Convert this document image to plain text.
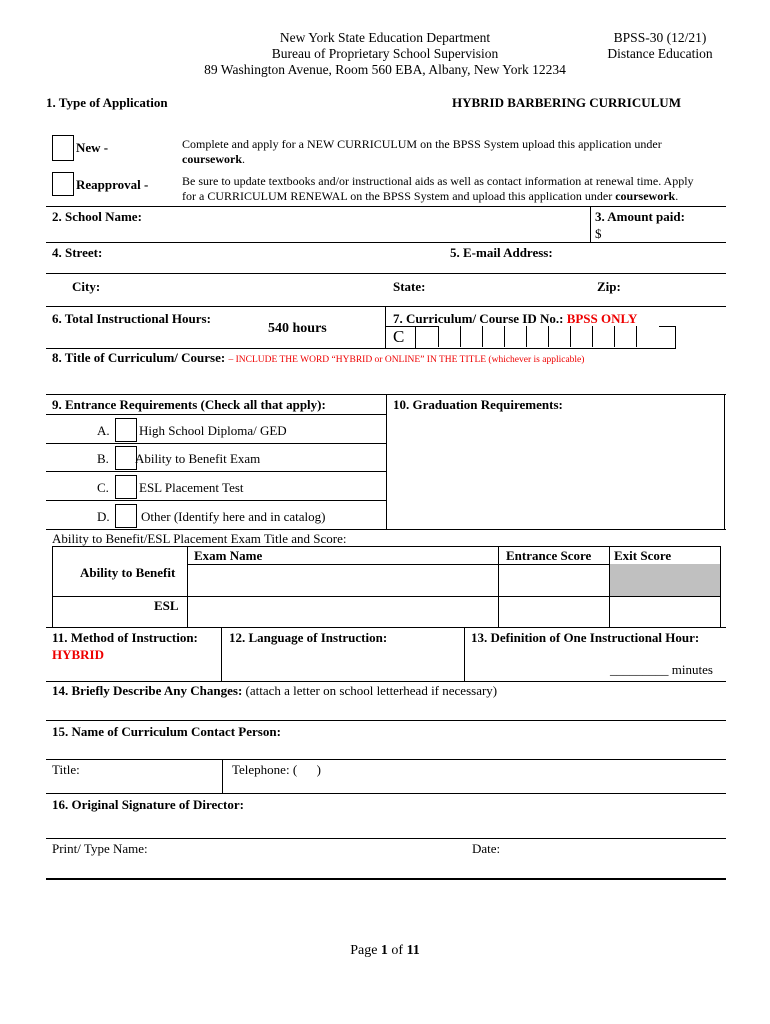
New York State Education Department
Bureau of Proprietary School Supervision
89 Washington Avenue, Room 560 EBA, Albany, New York 12234
BPSS-30 (12/21)
Distance Education
1. Type of Application	HYBRID BARBERING CURRICULUM
New -	Complete and apply for a NEW CURRICULUM on the BPSS System upload this application under
coursework.
Reapproval -	Be sure to update textbooks and/or instructional aids as well as contact information at renewal time. Apply
for a CURRICULUM RENEWAL on the BPSS System and upload this application under coursework.
2. School Name:	3. Amount paid:
$
4. Street:	5. E-mail Address:
City:	State:	Zip:
6. Total Instructional Hours:
540 hours
7. Curriculum/ Course ID No.: BPSS ONLY
C
8. Title of Curriculum/ Course: – INCLUDE THE WORD “HYBRID or ONLINE” IN THE TITLE (whichever is applicable)
9. Entrance Requirements (Check all that apply):	10. Graduation Requirements:
A. High School Diploma/ GED
B. Ability to Benefit Exam
C. ESL Placement Test
D. Other (Identify here and in catalog)
Ability to Benefit/ESL Placement Exam Title and Score:
Exam Name	Entrance Score Exit Score
Ability to Benefit
ESL
11. Method of Instruction:
HYBRID
12. Language of Instruction:	13. Definition of One Instructional Hour:
_________ minutes
14. Briefly Describe Any Changes: (attach a letter on school letterhead if necessary)
15. Name of Curriculum Contact Person:
Title:	Telephone: (      )
16. Original Signature of Director:
Print/ Type Name:	Date:
Page 1 of 11
